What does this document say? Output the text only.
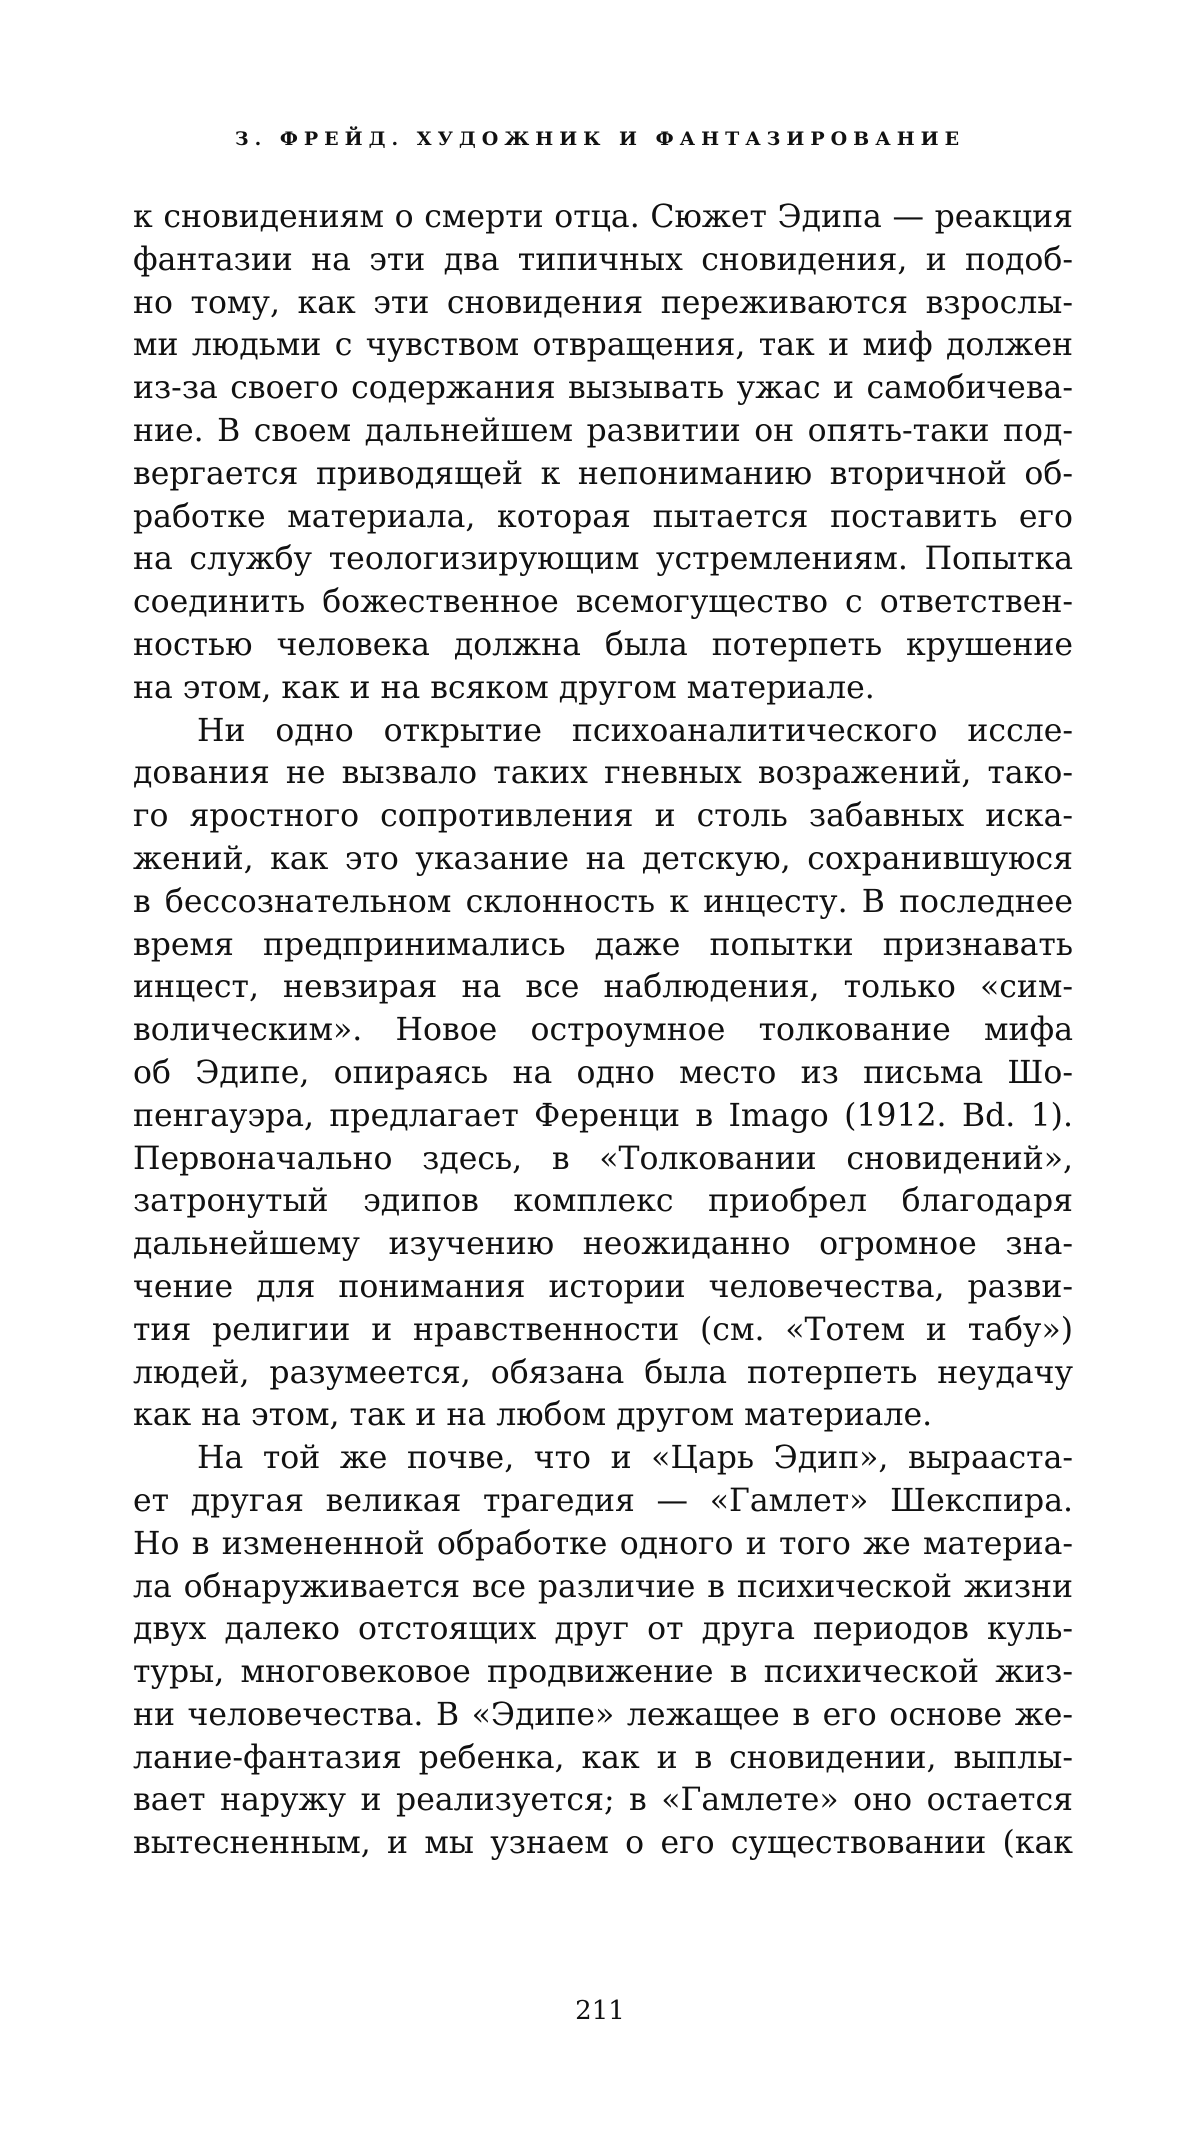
З. ФРЕЙД. ХУДОЖНИК И ФАНТАЗИРОВАНИЕ
к сновидениям о смерти отца. Сюжет Эдипа — реакция
фантазии на эти два типичных сновидения, и подоб-
но тому, как эти сновидения переживаются взрослы-
ми людьми с чувством отвращения, так и миф должен
из-за своего содержания вызывать ужас и самобичева-
ние. В своем дальнейшем развитии он опять-таки под-
вергается приводящей к непониманию вторичной об-
работке материала, которая пытается поставить его
на службу теологизирующим устремлениям. Попытка
соединить божественное всемогущество с ответствен-
ностью человека должна была потерпеть крушение
на этом, как и на всяком другом материале.
Ни одно открытие психоаналитического иссле-
дования не вызвало таких гневных возражений, тако-
го яростного сопротивления и столь забавных иска-
жений, как это указание на детскую, сохранившуюся
в бессознательном склонность к инцесту. В последнее
время предпринимались даже попытки признавать
инцест, невзирая на все наблюдения, только «сим-
волическим». Новое остроумное толкование мифа
об Эдипе, опираясь на одно место из письма Шо-
пенгауэра, предлагает Ференци в Imago (1912. Bd. 1).
Первоначально здесь, в «Толковании сновидений»,
затронутый эдипов комплекс приобрел благодаря
дальнейшему изучению неожиданно огромное зна-
чение для понимания истории человечества, разви-
тия религии и нравственности (см. «Тотем и табу»)
людей, разумеется, обязана была потерпеть неудачу
как на этом, так и на любом другом материале.
На той же почве, что и «Царь Эдип», вырааста-
ет другая великая трагедия — «Гамлет» Шекспира.
Но в измененной обработке одного и того же материа-
ла обнаруживается все различие в психической жизни
двух далеко отстоящих друг от друга периодов куль-
туры, многовековое продвижение в психической жиз-
ни человечества. В «Эдипе» лежащее в его основе же-
лание-фантазия ребенка, как и в сновидении, выплы-
вает наружу и реализуется; в «Гамлете» оно остается
вытесненным, и мы узнаем о его существовании (как
211
